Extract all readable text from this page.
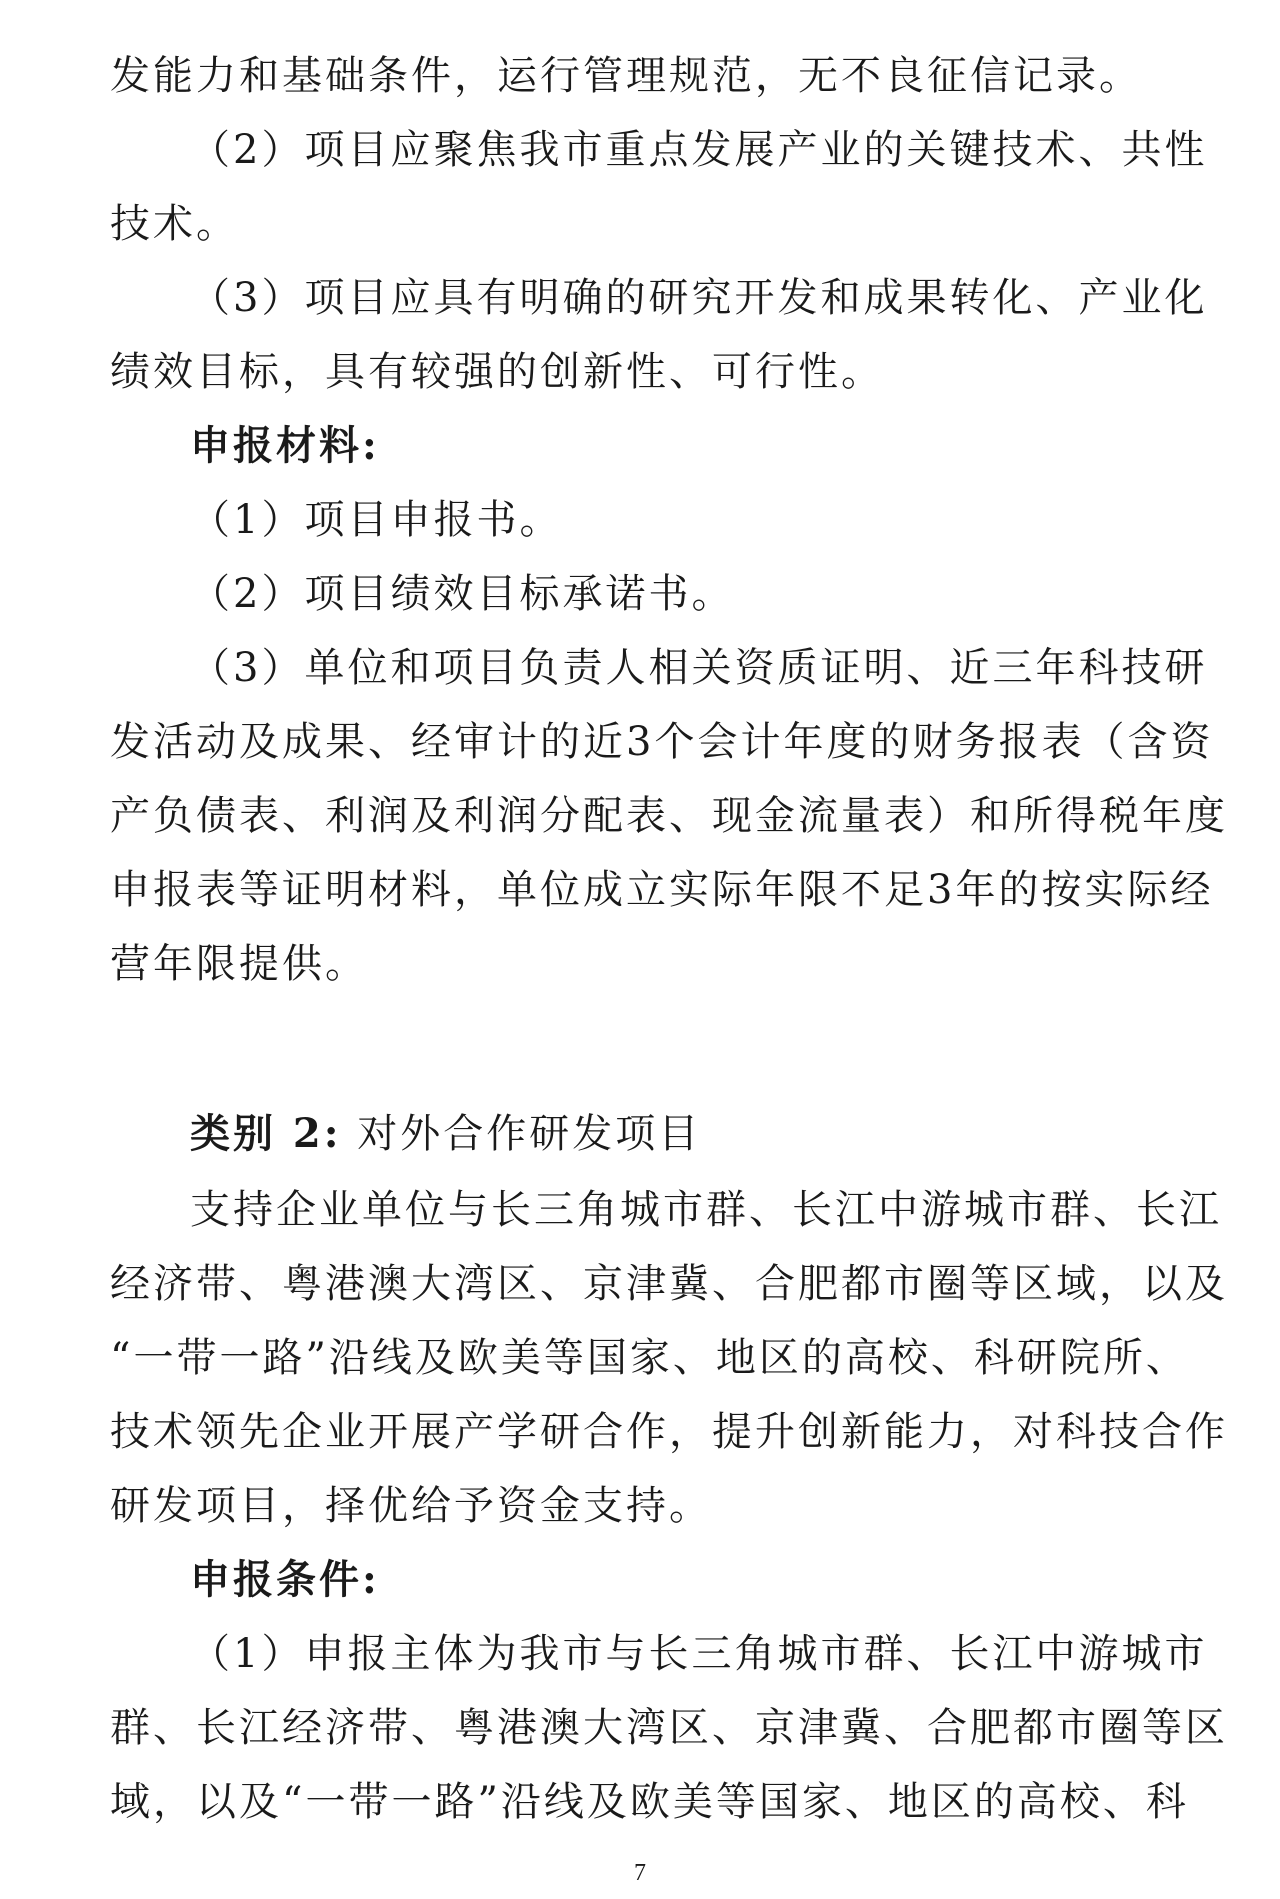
发能力和基础条件，运行管理规范，无不良征信记录。
（2）项目应聚焦我市重点发展产业的关键技术、共性
技术。
（3）项目应具有明确的研究开发和成果转化、产业化
绩效目标，具有较强的创新性、可行性。
申报材料:
（1）项目申报书。
（2）项目绩效目标承诺书。
（3）单位和项目负责人相关资质证明、近三年科技研
发活动及成果、经审计的近3个会计年度的财务报表（含资
产负债表、利润及利润分配表、现金流量表）和所得税年度
申报表等证明材料，单位成立实际年限不足3年的按实际经
营年限提供。
类别 2: 对外合作研发项目
支持企业单位与长三角城市群、长江中游城市群、长江
经济带、粤港澳大湾区、京津冀、合肥都市圈等区域，以及
“一带一路”沿线及欧美等国家、地区的高校、科研院所、
技术领先企业开展产学研合作，提升创新能力，对科技合作
研发项目，择优给予资金支持。
申报条件:
（1）申报主体为我市与长三角城市群、长江中游城市
群、长江经济带、粤港澳大湾区、京津冀、合肥都市圈等区
域，以及“一带一路”沿线及欧美等国家、地区的高校、科
7
